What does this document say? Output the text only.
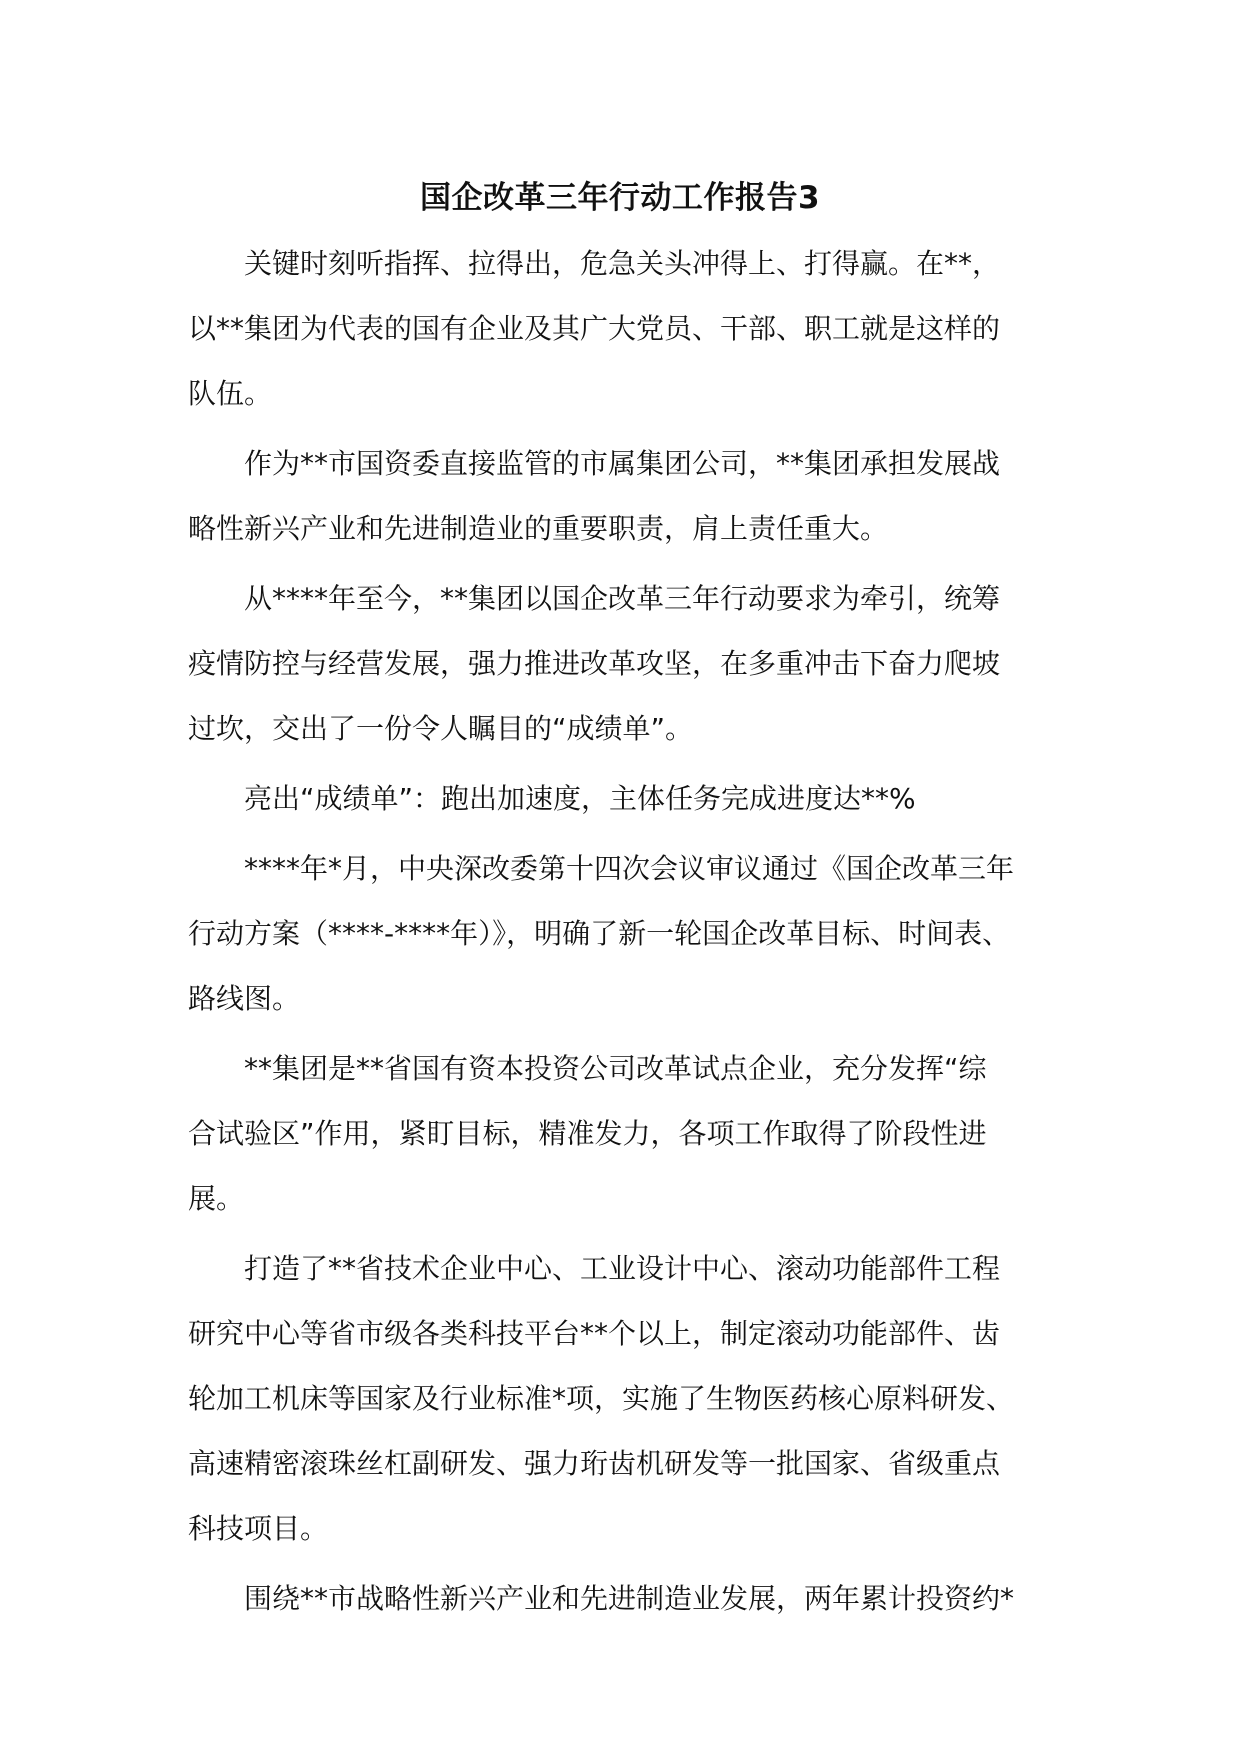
国企改革三年行动工作报告3

关键时刻听指挥、拉得出，危急关头冲得上、打得赢。在**，
以**集团为代表的国有企业及其广大党员、干部、职工就是这样的
队伍。

作为**市国资委直接监管的市属集团公司，**集团承担发展战
略性新兴产业和先进制造业的重要职责，肩上责任重大。

从****年至今，**集团以国企改革三年行动要求为牵引，统筹
疫情防控与经营发展，强力推进改革攻坚，在多重冲击下奋力爬坡
过坎，交出了一份令人瞩目的“成绩单”。

亮出“成绩单”：跑出加速度，主体任务完成进度达**%

****年*月，中央深改委第十四次会议审议通过《国企改革三年
行动方案（****-****年）》，明确了新一轮国企改革目标、时间表、
路线图。

**集团是**省国有资本投资公司改革试点企业，充分发挥“综
合试验区”作用，紧盯目标，精准发力，各项工作取得了阶段性进
展。

打造了**省技术企业中心、工业设计中心、滚动功能部件工程
研究中心等省市级各类科技平台**个以上，制定滚动功能部件、齿
轮加工机床等国家及行业标准*项，实施了生物医药核心原料研发、
高速精密滚珠丝杠副研发、强力珩齿机研发等一批国家、省级重点
科技项目。

围绕**市战略性新兴产业和先进制造业发展，两年累计投资约*
